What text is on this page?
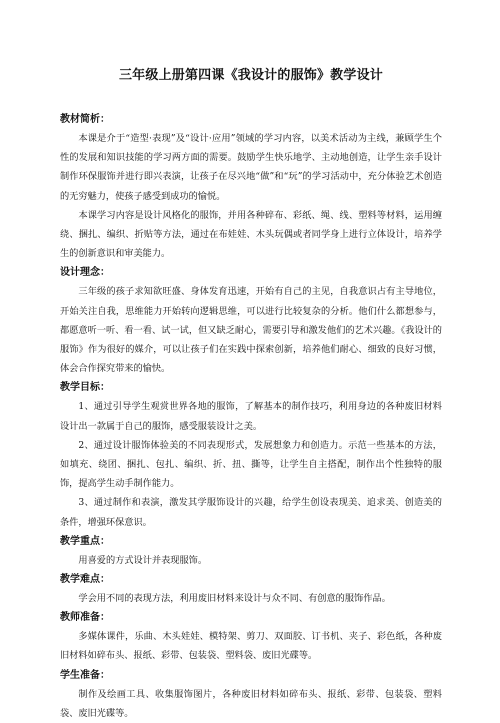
三年级上册第四课《我设计的服饰》教学设计

教材简析：

本课是介于“造型·表现”及“设计·应用”领域的学习内容，以美术活动为主线，兼顾学生个性的发展和知识技能的学习两方面的需要。鼓励学生快乐地学、主动地创造，让学生亲手设计制作环保服饰并进行即兴表演，让孩子在尽兴地“做”和“玩”的学习活动中，充分体验艺术创造的无穷魅力，使孩子感受到成功的愉悦。

本课学习内容是设计风格化的服饰，并用各种碎布、彩纸、绳、线、塑料等材料，运用缠绕、捆扎、编织、折贴等方法，通过在布娃娃、木头玩偶或者同学身上进行立体设计，培养学生的创新意识和审美能力。

设计理念：

三年级的孩子求知欲旺盛、身体发育迅速，开始有自己的主见，自我意识占有主导地位，开始关注自我，思维能力开始转向逻辑思维，可以进行比较复杂的分析。他们什么都想参与，都愿意听一听、看一看、试一试，但又缺乏耐心，需要引导和激发他们的艺术兴趣。《我设计的服饰》作为很好的媒介，可以让孩子们在实践中探索创新，培养他们耐心、细致的良好习惯，体会合作探究带来的愉快。

教学目标：

1、通过引导学生观赏世界各地的服饰，了解基本的制作技巧，利用身边的各种废旧材料设计出一款属于自己的服饰，感受服装设计之美。

2、通过设计服饰体验美的不同表现形式，发展想象力和创造力。示范一些基本的方法，如填充、绕团、捆扎、包扎、编织、折、扭、撕等，让学生自主搭配，制作出个性独特的服饰，提高学生动手制作能力。

3、通过制作和表演，激发其学服饰设计的兴趣，给学生创设表现美、追求美、创造美的条件，增强环保意识。

教学重点：

用喜爱的方式设计并表现服饰。

教学难点：

学会用不同的表现方法，利用废旧材料来设计与众不同、有创意的服饰作品。

教师准备：

多媒体课件，乐曲、木头娃娃、模特架、剪刀、双面胶、订书机、夹子、彩色纸，各种废旧材料如碎布头、报纸、彩带、包装袋、塑料袋、废旧光碟等。

学生准备：

制作及绘画工具、收集服饰图片，各种废旧材料如碎布头、报纸、彩带、包装袋、塑料袋、废旧光碟等。
